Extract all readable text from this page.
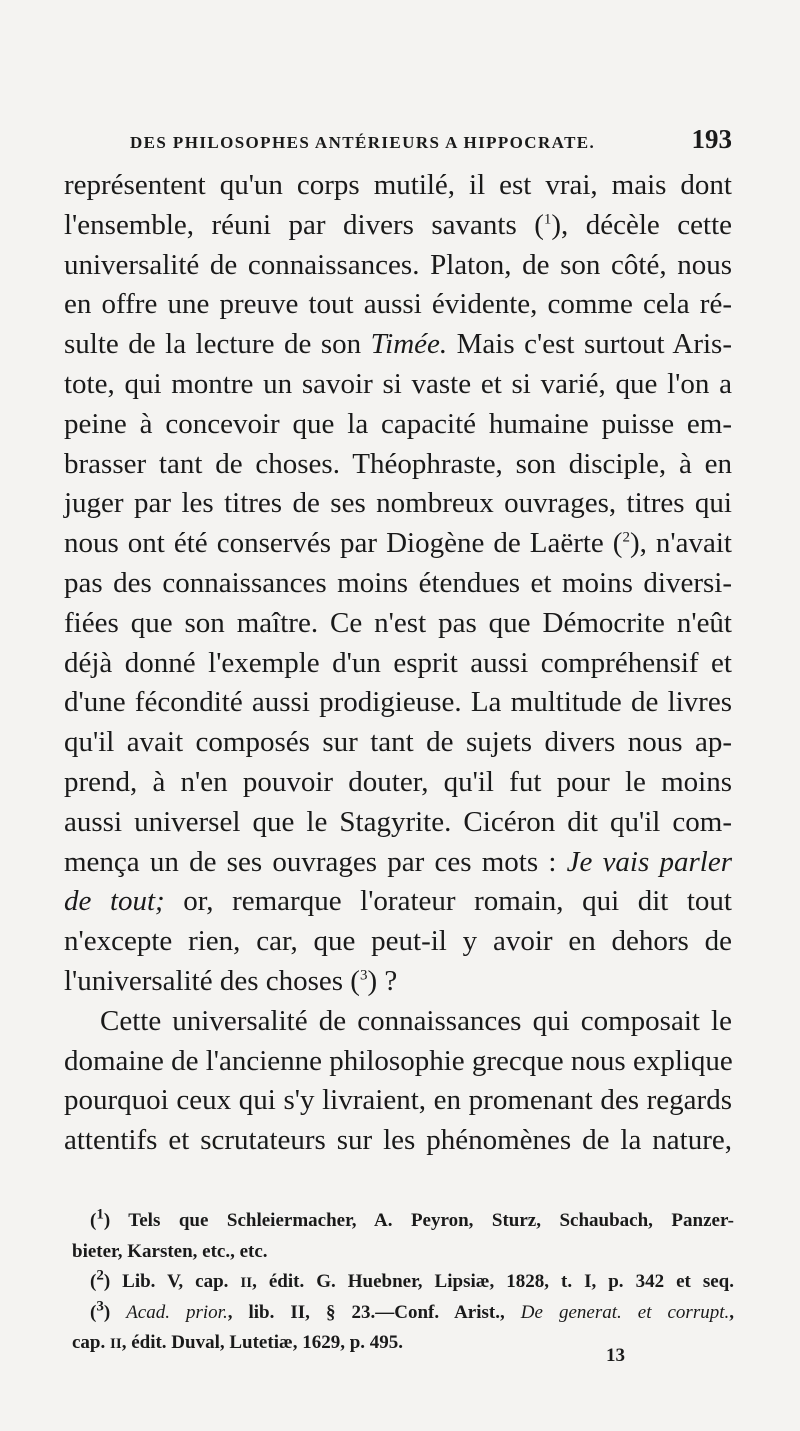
DES PHILOSOPHES ANTÉRIEURS A HIPPOCRATE.	193
représentent qu'un corps mutilé, il est vrai, mais dont
l'ensemble, réuni par divers savants ($^1$), décèle cette
universalité de connaissances. Platon, de son côté, nous
en offre une preuve tout aussi évidente, comme cela ré-
sulte de la lecture de son Timée. Mais c'est surtout Aris-
tote, qui montre un savoir si vaste et si varié, que l'on a
peine à concevoir que la capacité humaine puisse em-
brasser tant de choses. Théophraste, son disciple, à en
juger par les titres de ses nombreux ouvrages, titres qui
nous ont été conservés par Diogène de Laërte ($^2$), n'avait
pas des connaissances moins étendues et moins diversi-
fiées que son maître. Ce n'est pas que Démocrite n'eût
déjà donné l'exemple d'un esprit aussi compréhensif et
d'une fécondité aussi prodigieuse. La multitude de livres
qu'il avait composés sur tant de sujets divers nous ap-
prend, à n'en pouvoir douter, qu'il fut pour le moins
aussi universel que le Stagyrite. Cicéron dit qu'il com-
mença un de ses ouvrages par ces mots : Je vais parler
de tout; or, remarque l'orateur romain, qui dit tout
n'excepte rien, car, que peut-il y avoir en dehors de
l'universalité des choses ($^3$) ?
Cette universalité de connaissances qui composait le
domaine de l'ancienne philosophie grecque nous explique
pourquoi ceux qui s'y livraient, en promenant des regards
attentifs et scrutateurs sur les phénomènes de la nature,
($^1$) Tels que Schleiermacher, A. Peyron, Sturz, Schaubach, Panzer-
bieter, Karsten, etc., etc.
($^2$) Lib. V, cap. II, édit. G. Huebner, Lipsiæ, 1828, t. I, p. 342 et seq.
($^3$) Acad. prior., lib. II, § 23.—Conf. Arist., De generat. et corrupt.,
cap. II, édit. Duval, Lutetiæ, 1629, p. 495.
13
